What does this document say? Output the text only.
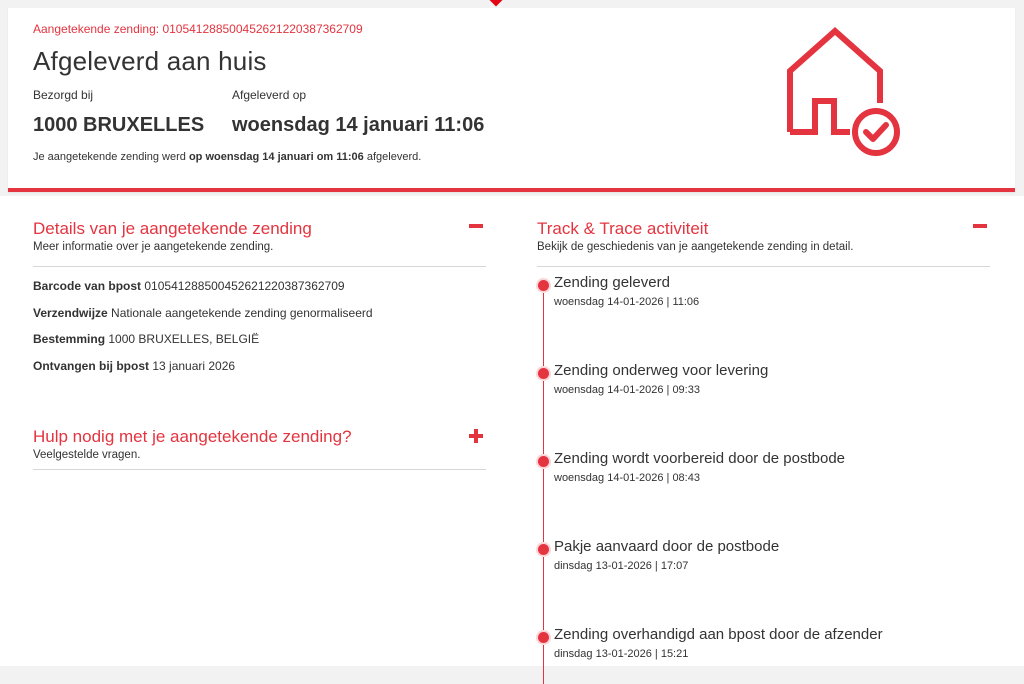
Aangetekende zending: 0105412885004526212203873627​09
Afgeleverd aan huis
Bezorgd bij
1000 BRUXELLES
Afgeleverd op
woensdag 14 januari 11:06
Je aangetekende zending werd op woensdag 14 januari om 11:06 afgeleverd.
Details van je aangetekende zending
Meer informatie over je aangetekende zending.
Barcode van bpost 0105412885004526212203873627​09
Verzendwijze Nationale aangetekende zending genormaliseerd
Bestemming 1000 BRUXELLES, BELGIË
Ontvangen bij bpost 13 januari 2026
Hulp nodig met je aangetekende zending?
Veelgestelde vragen.
Track & Trace activiteit
Bekijk de geschiedenis van je aangetekende zending in detail.
Zending geleverd
woensdag 14-01-2026 | 11:06
Zending onderweg voor levering
woensdag 14-01-2026 | 09:33
Zending wordt voorbereid door de postbode
woensdag 14-01-2026 | 08:43
Pakje aanvaard door de postbode
dinsdag 13-01-2026 | 17:07
Zending overhandigd aan bpost door de afzender
dinsdag 13-01-2026 | 15:21
